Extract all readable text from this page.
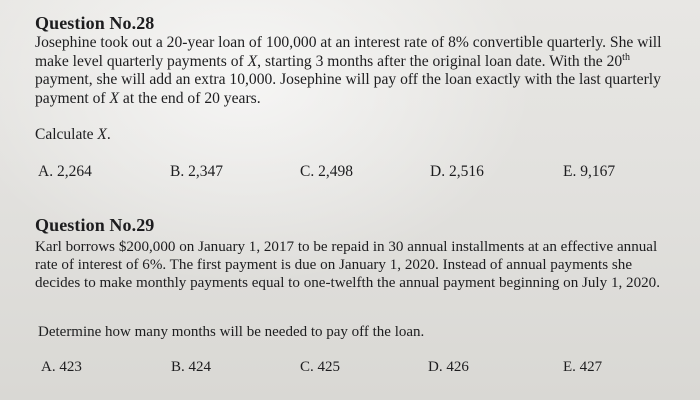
Question No.28

Josephine took out a 20-year loan of 100,000 at an interest rate of 8% convertible quarterly. She will make level quarterly payments of X, starting 3 months after the original loan date. With the 20th payment, she will add an extra 10,000. Josephine will pay off the loan exactly with the last quarterly payment of X at the end of 20 years.

Calculate X.

A. 2,264	B. 2,347	C. 2,498	D. 2,516	E. 9,167
Question No.29

Karl borrows $200,000 on January 1, 2017 to be repaid in 30 annual installments at an effective annual rate of interest of 6%. The first payment is due on January 1, 2020. Instead of annual payments she decides to make monthly payments equal to one-twelfth the annual payment beginning on July 1, 2020.

Determine how many months will be needed to pay off the loan.

A. 423	B. 424	C. 425	D. 426	E. 427
